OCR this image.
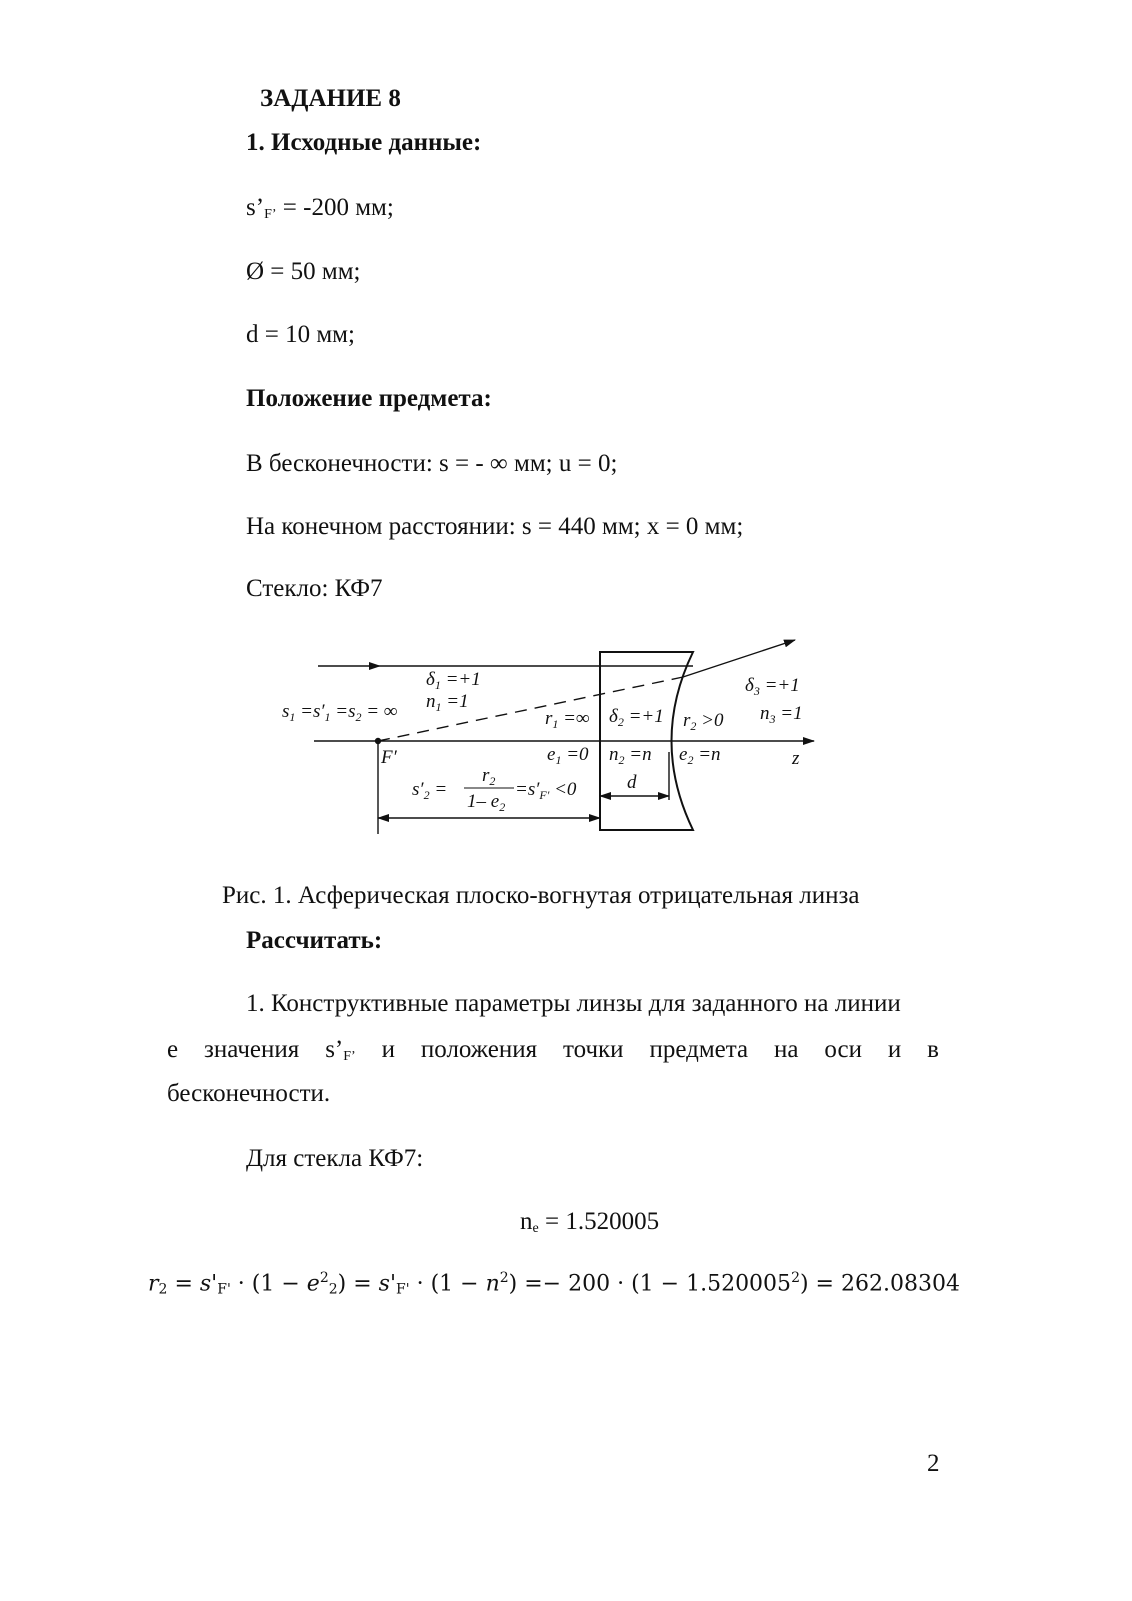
ЗАДАНИЕ 8
1. Исходные данные:
$s’_{F’} = -200$ мм;
Ø = 50 мм;
d = 10 мм;
Положение предмета:
В бесконечности: s = - ∞ мм; u = 0;
На конечном расстоянии: s = 440 мм; x = 0 мм;
Стекло: КФ7
$\delta_1 =+1$
$n_1 =1$
$s_1 =s'_1 =s_2$ = ∞	$r_1$ =∞ $\delta_2 =+1$ $r_2 >0$
$\delta_3 =+1$
$n_3 =1$
F′	$e_1 =0$ $n_2 =n$ $e_2 =n$	z
$s'_2$ =
$r_2$
1– $e_2$
$=s'_{F'} <0$	d
Рис. 1. Асферическая плоско-вогнутая отрицательная линза
Рассчитать:
1. Конструктивные параметры линзы для заданного на линии
e значения $s’_{F’}$ и положения точки предмета на оси и в
бесконечности.
Для стекла КФ7:
$n_e = 1.520005$
$r_2 = s'_{F'} \cdot (1 - e^2_2) = s'_{F'} \cdot (1 - n^2) =- 200 \cdot (1 - 1.520005^2) = 262.08304$
2
